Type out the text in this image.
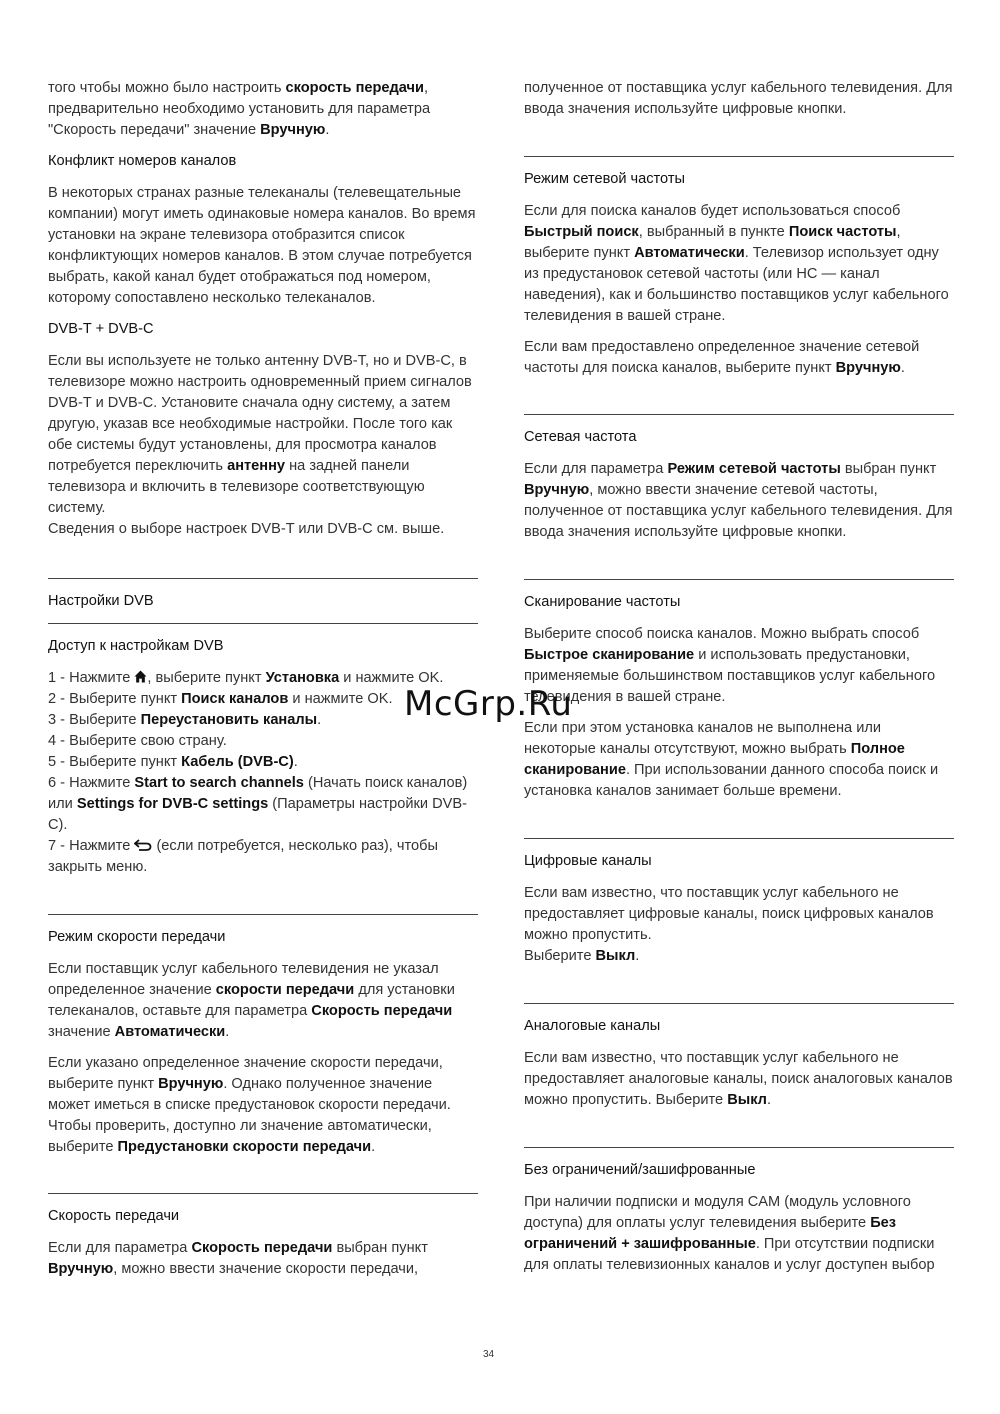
того чтобы можно было настроить скорость передачи, предварительно необходимо установить для параметра "Скорость передачи" значение Вручную.

Конфликт номеров каналов

В некоторых странах разные телеканалы (телевещательные компании) могут иметь одинаковые номера каналов. Во время установки на экране телевизора отобразится список конфликтующих номеров каналов. В этом случае потребуется выбрать, какой канал будет отображаться под номером, которому сопоставлено несколько телеканалов.

DVB-T + DVB-C

Если вы используете не только антенну DVB-T, но и DVB-C, в телевизоре можно настроить одновременный прием сигналов DVB-T и DVB-C. Установите сначала одну систему, а затем другую, указав все необходимые настройки. После того как обе системы будут установлены, для просмотра каналов потребуется переключить антенну на задней панели телевизора и включить в телевизоре соответствующую систему.

Сведения о выборе настроек DVB-T или DVB-C см. выше.

Настройки DVB
Доступ к настройкам DVB

1 - Нажмите , выберите пункт Установка и нажмите OK.

2 - Выберите пункт Поиск каналов и нажмите OK.

3 - Выберите Переустановить каналы.

4 - Выберите свою страну.

5 - Выберите пункт Кабель (DVB-C).

6 - Нажмите Start to search channels (Начать поиск каналов) или Settings for DVB-C settings (Параметры настройки DVB-C).

7 - Нажмите  (если потребуется, несколько раз), чтобы закрыть меню.

Режим скорости передачи

Если поставщик услуг кабельного телевидения не указал определенное значение скорости передачи для установки телеканалов, оставьте для параметра Скорость передачи значение Автоматически.

Если указано определенное значение скорости передачи, выберите пункт Вручную. Однако полученное значение может иметься в списке предустановок скорости передачи. Чтобы проверить, доступно ли значение автоматически, выберите Предустановки скорости передачи.

Скорость передачи

Если для параметра Скорость передачи выбран пункт Вручную, можно ввести значение скорости передачи,

полученное от поставщика услуг кабельного телевидения. Для ввода значения используйте цифровые кнопки.

Режим сетевой частоты

Если для поиска каналов будет использоваться способ Быстрый поиск, выбранный в пункте Поиск частоты, выберите пункт Автоматически. Телевизор использует одну из предустановок сетевой частоты (или HC — канал наведения), как и большинство поставщиков услуг кабельного телевидения в вашей стране.

Если вам предоставлено определенное значение сетевой частоты для поиска каналов, выберите пункт Вручную.

Сетевая частота

Если для параметра Режим сетевой частоты выбран пункт Вручную, можно ввести значение сетевой частоты, полученное от поставщика услуг кабельного телевидения. Для ввода значения используйте цифровые кнопки.

Сканирование частоты

Выберите способ поиска каналов. Можно выбрать способ Быстрое сканирование и использовать предустановки, применяемые большинством поставщиков услуг кабельного телевидения в вашей стране.

Если при этом установка каналов не выполнена или некоторые каналы отсутствуют, можно выбрать Полное сканирование. При использовании данного способа поиск и установка каналов занимает больше времени.

Цифровые каналы

Если вам известно, что поставщик услуг кабельного не предоставляет цифровые каналы, поиск цифровых каналов можно пропустить.

Выберите Выкл.

Аналоговые каналы

Если вам известно, что поставщик услуг кабельного не предоставляет аналоговые каналы, поиск аналоговых каналов можно пропустить. Выберите Выкл.

Без ограничений/зашифрованные

При наличии подписки и модуля CAM (модуль условного доступа) для оплаты услуг телевидения выберите Без ограничений + зашифрованные. При отсутствии подписки для оплаты телевизионных каналов и услуг доступен выбор

McGrp.Ru
34
